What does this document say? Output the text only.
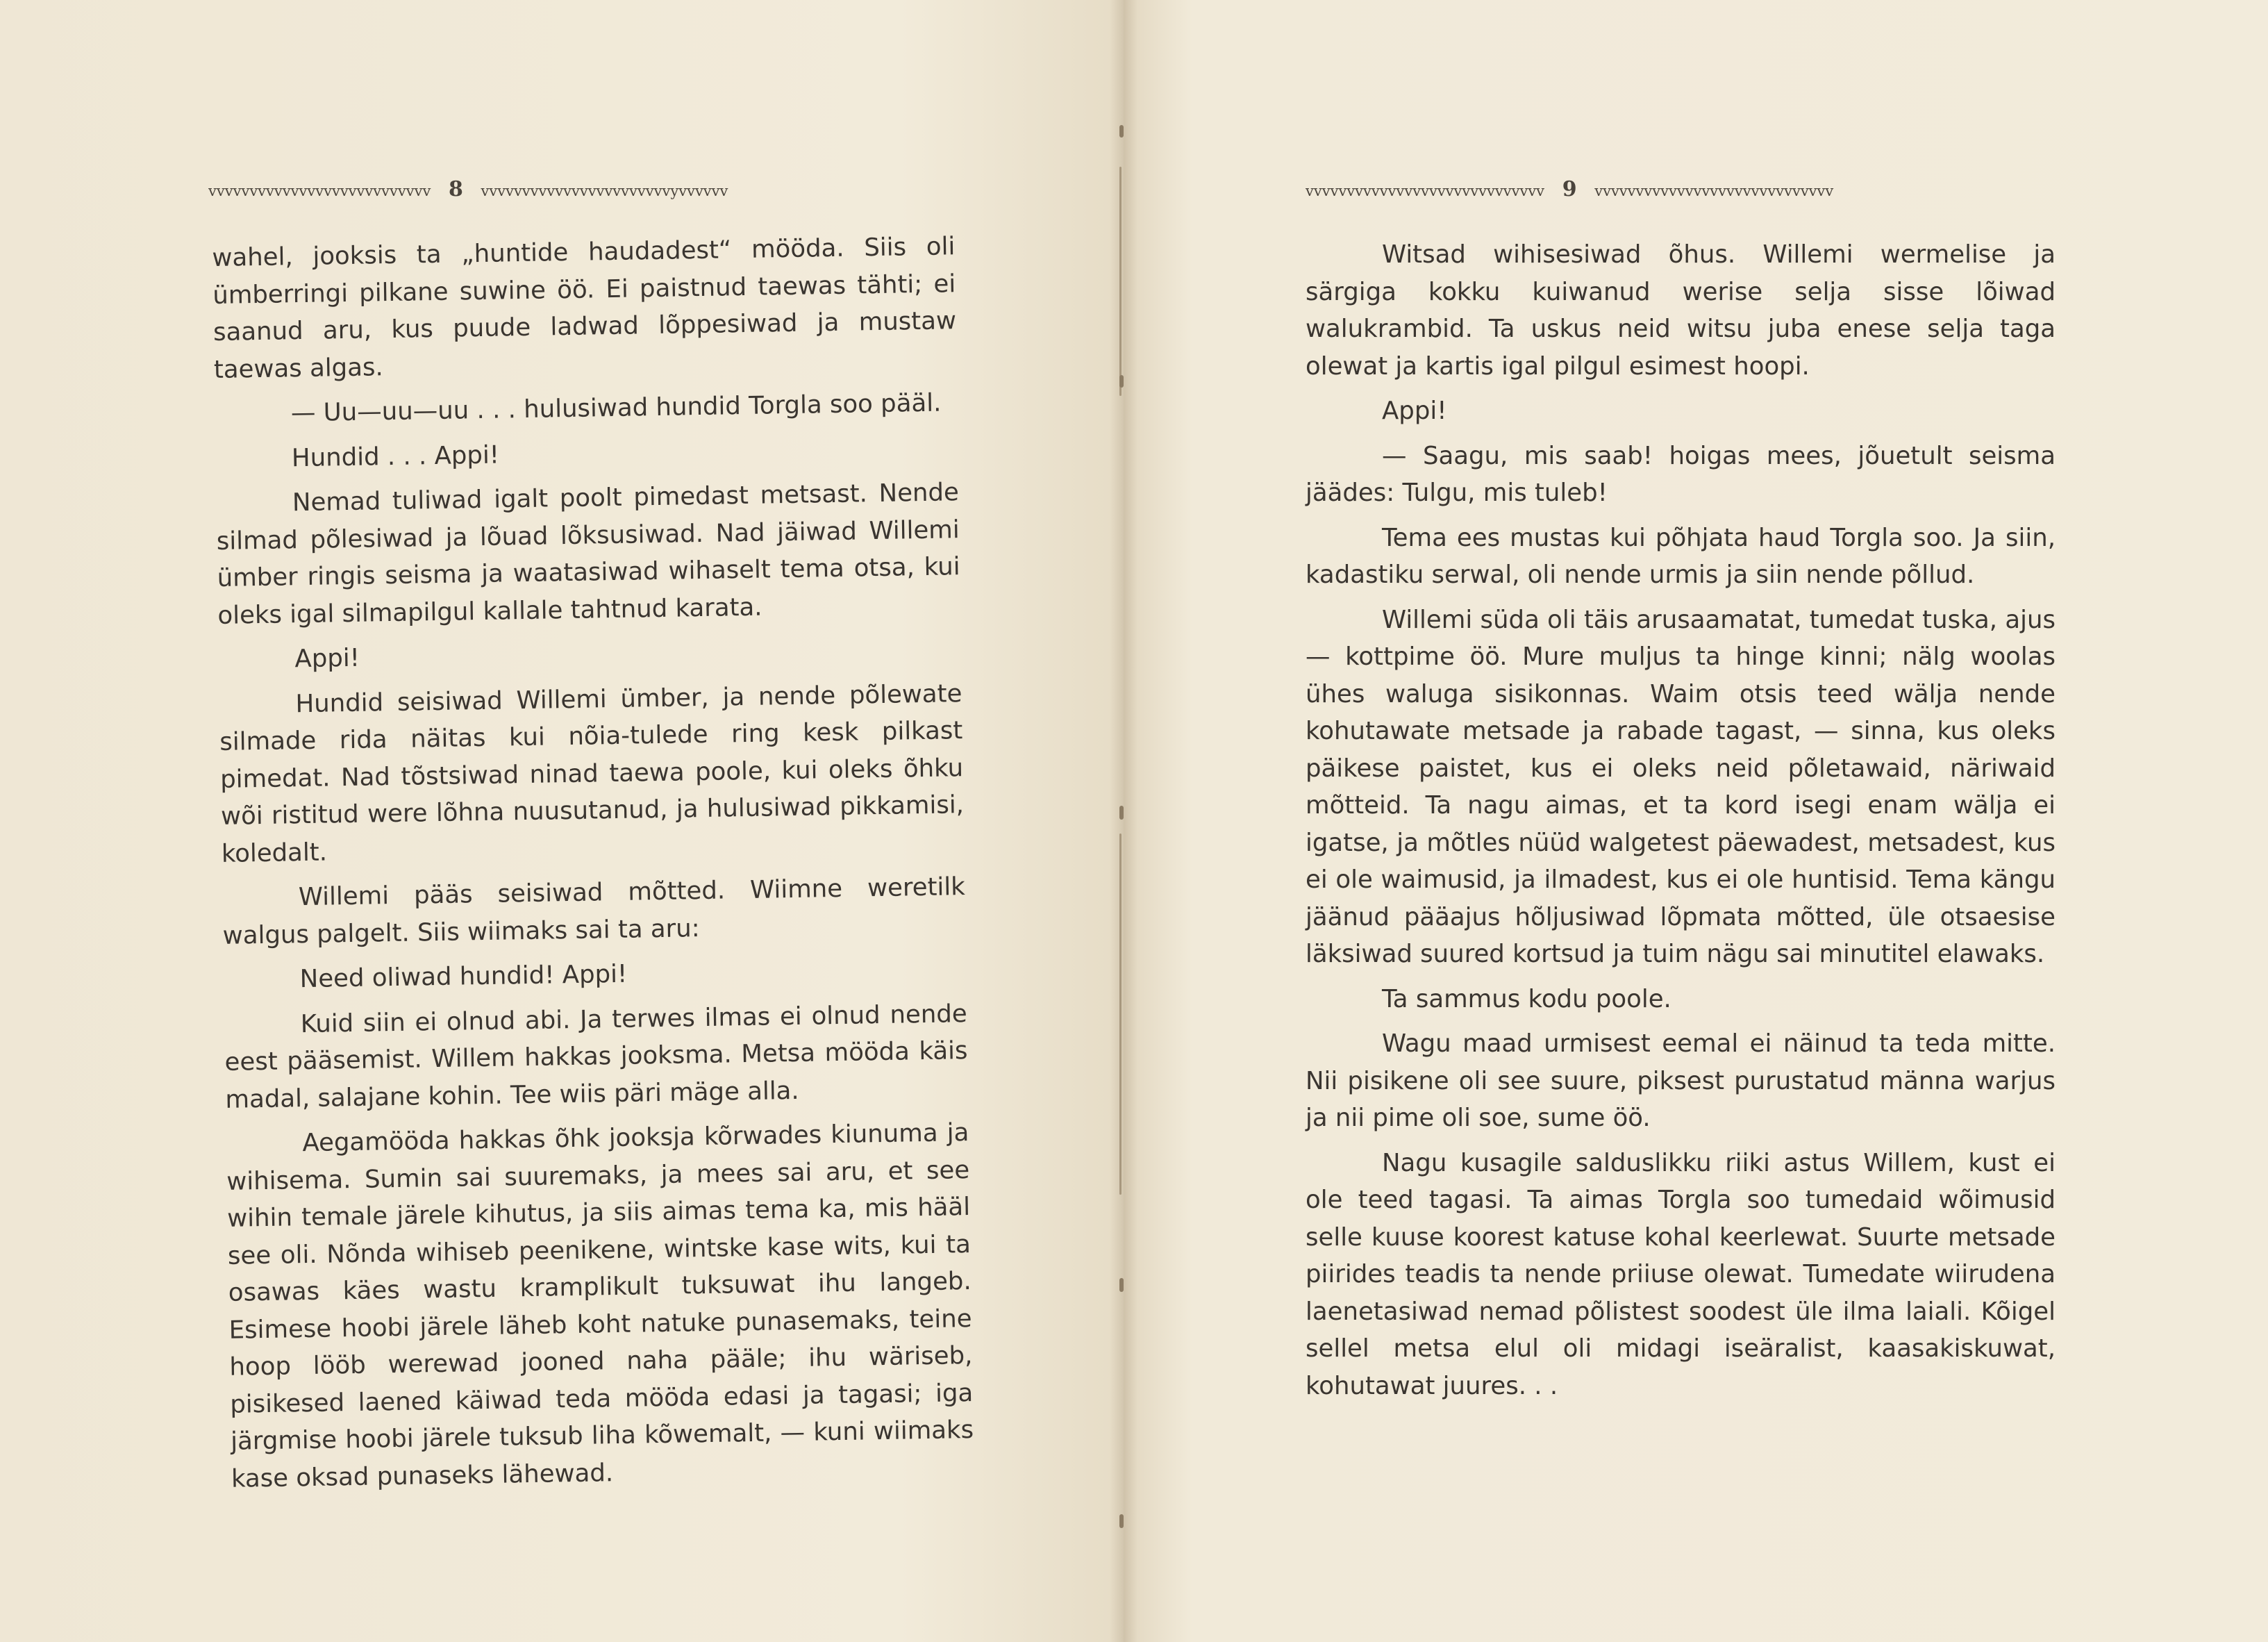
vvvvvvvvvvvvvvvvvvvvvvvvvvv 8 vvvvvvvvvvvvvvvvvvvvvvvyvvvvvv

wahel, jooksis ta „huntide haudadest“ mööda. Siis oli ümberringi pilkane suwine öö. Ei paistnud taewas tähti; ei saanud aru, kus puude ladwad lõppesiwad ja mustaw taewas algas.

— Uu—uu—uu . . . hulusiwad hundid Torgla soo pääl.

Hundid . . . Appi!

Nemad tuliwad igalt poolt pimedast metsast. Nende silmad põlesiwad ja lõuad lõksusiwad. Nad jäiwad Willemi ümber ringis seisma ja waatasiwad wihaselt tema otsa, kui oleks igal silmapilgul kallale tahtnud karata.

Appi!

Hundid seisiwad Willemi ümber, ja nende põlewate silmade rida näitas kui nõia-tulede ring kesk pilkast pimedat. Nad tõstsiwad ninad taewa poole, kui oleks õhku wõi ristitud were lõhna nuusutanud, ja hulusiwad pikkamisi, koledalt.

Willemi pääs seisiwad mõtted. Wiimne weretilk walgus palgelt. Siis wiimaks sai ta aru:

Need oliwad hundid! Appi!

Kuid siin ei olnud abi. Ja terwes ilmas ei olnud nende eest pääsemist. Willem hakkas jooksma. Metsa mööda käis madal, salajane kohin. Tee wiis päri mäge alla.

Aegamööda hakkas õhk jooksja kõrwades kiunuma ja wihisema. Sumin sai suuremaks, ja mees sai aru, et see wihin temale järele kihutus, ja siis aimas tema ka, mis hääl see oli. Nõnda wihiseb peenikene, wintske kase wits, kui ta osawas käes wastu kramplikult tuksuwat ihu langeb. Esimese hoobi järele läheb koht natuke punasemaks, teine hoop lööb werewad jooned naha pääle; ihu wäriseb, pisikesed laened käiwad teda mööda edasi ja tagasi; iga järgmise hoobi järele tuksub liha kõwemalt, — kuni wiimaks kase oksad punaseks lähewad.

vvvvvvvvvvvvvvvvvvvvvvvvvvvvv 9 vvvvvvvvvvvvvvvvvvvvvvvvvvvvv

Witsad wihisesiwad õhus. Willemi wermelise ja särgiga kokku kuiwanud werise selja sisse lõiwad walukrambid. Ta uskus neid witsu juba enese selja taga olewat ja kartis igal pilgul esimest hoopi.

Appi!

— Saagu, mis saab! hoigas mees, jõuetult seisma jäädes: Tulgu, mis tuleb!

Tema ees mustas kui põhjata haud Torgla soo. Ja siin, kadastiku serwal, oli nende urmis ja siin nende põllud.

Willemi süda oli täis arusaamatat, tumedat tuska, ajus — kottpime öö. Mure muljus ta hinge kinni; nälg woolas ühes waluga sisikonnas. Waim otsis teed wälja nende kohutawate metsade ja rabade tagast, — sinna, kus oleks päikese paistet, kus ei oleks neid põletawaid, näriwaid mõtteid. Ta nagu aimas, et ta kord isegi enam wälja ei igatse, ja mõtles nüüd walgetest päewadest, metsadest, kus ei ole waimusid, ja ilmadest, kus ei ole huntisid. Tema kängu jäänud pääajus hõljusiwad lõpmata mõtted, üle otsaesise läksiwad suured kortsud ja tuim nägu sai minutitel elawaks.

Ta sammus kodu poole.

Wagu maad urmisest eemal ei näinud ta teda mitte. Nii pisikene oli see suure, piksest purustatud männa warjus ja nii pime oli soe, sume öö.

Nagu kusagile salduslikku riiki astus Willem, kust ei ole teed tagasi. Ta aimas Torgla soo tumedaid wõimusid selle kuuse koorest katuse kohal keerlewat. Suurte metsade piirides teadis ta nende priiuse olewat. Tumedate wiirudena laenetasiwad nemad põlistest soodest üle ilma laiali. Kõigel sellel metsa elul oli midagi iseäralist, kaasakiskuwat, kohutawat juures. . .
